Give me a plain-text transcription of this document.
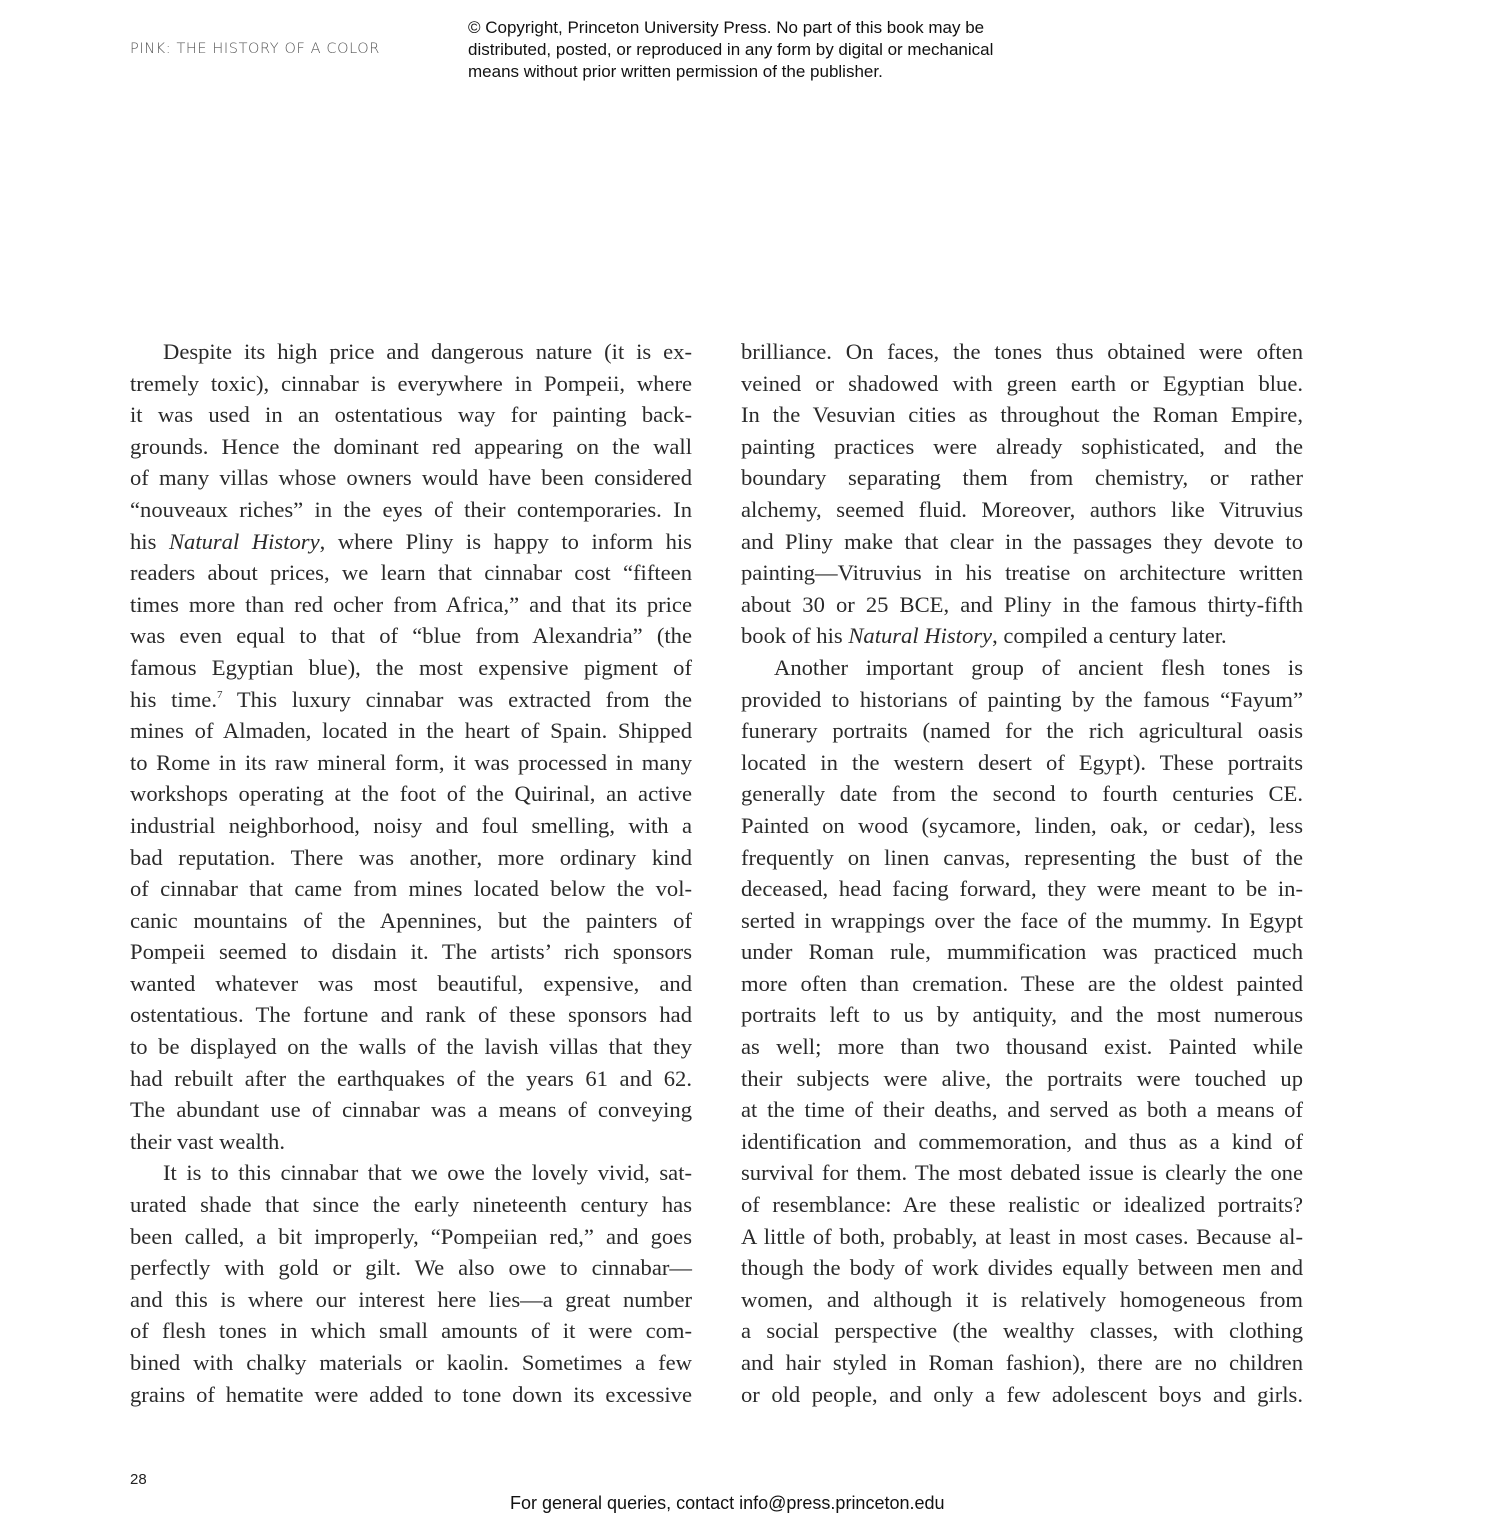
PINK: THE HISTORY OF A COLOR
© Copyright, Princeton University Press. No part of this book may be
distributed, posted, or reproduced in any form by digital or mechanical
means without prior written permission of the publisher.
Despite its high price and dangerous nature (it is ex-
tremely toxic), cinnabar is everywhere in Pompeii, where
it was used in an ostentatious way for painting back-
grounds. Hence the dominant red appearing on the wall
of many villas whose owners would have been considered
“nouveaux riches” in the eyes of their contemporaries. In
his Natural History, where Pliny is happy to inform his
readers about prices, we learn that cinnabar cost “fifteen
times more than red ocher from Africa,” and that its price
was even equal to that of “blue from Alexandria” (the
famous Egyptian blue), the most expensive pigment of
his time.$^7$ This luxury cinnabar was extracted from the
mines of Almaden, located in the heart of Spain. Shipped
to Rome in its raw mineral form, it was processed in many
workshops operating at the foot of the Quirinal, an active
industrial neighborhood, noisy and foul smelling, with a
bad reputation. There was another, more ordinary kind
of cinnabar that came from mines located below the vol-
canic mountains of the Apennines, but the painters of
Pompeii seemed to disdain it. The artists’ rich sponsors
wanted whatever was most beautiful, expensive, and
ostentatious. The fortune and rank of these sponsors had
to be displayed on the walls of the lavish villas that they
had rebuilt after the earthquakes of the years 61 and 62.
The abundant use of cinnabar was a means of conveying
their vast wealth.
It is to this cinnabar that we owe the lovely vivid, sat-
urated shade that since the early nineteenth century has
been called, a bit improperly, “Pompeiian red,” and goes
perfectly with gold or gilt. We also owe to cinnabar—
and this is where our interest here lies—a great number
of flesh tones in which small amounts of it were com-
bined with chalky materials or kaolin. Sometimes a few
grains of hematite were added to tone down its excessive
brilliance. On faces, the tones thus obtained were often
veined or shadowed with green earth or Egyptian blue.
In the Vesuvian cities as throughout the Roman Empire,
painting practices were already sophisticated, and the
boundary separating them from chemistry, or rather
alchemy, seemed fluid. Moreover, authors like Vitruvius
and Pliny make that clear in the passages they devote to
painting—Vitruvius in his treatise on architecture written
about 30 or 25 BCE, and Pliny in the famous thirty-fifth
book of his Natural History, compiled a century later.
Another important group of ancient flesh tones is
provided to historians of painting by the famous “Fayum”
funerary portraits (named for the rich agricultural oasis
located in the western desert of Egypt). These portraits
generally date from the second to fourth centuries CE.
Painted on wood (sycamore, linden, oak, or cedar), less
frequently on linen canvas, representing the bust of the
deceased, head facing forward, they were meant to be in-
serted in wrappings over the face of the mummy. In Egypt
under Roman rule, mummification was practiced much
more often than cremation. These are the oldest painted
portraits left to us by antiquity, and the most numerous
as well; more than two thousand exist. Painted while
their subjects were alive, the portraits were touched up
at the time of their deaths, and served as both a means of
identification and commemoration, and thus as a kind of
survival for them. The most debated issue is clearly the one
of resemblance: Are these realistic or idealized portraits?
A little of both, probably, at least in most cases. Because al-
though the body of work divides equally between men and
women, and although it is relatively homogeneous from
a social perspective (the wealthy classes, with clothing
and hair styled in Roman fashion), there are no children
or old people, and only a few adolescent boys and girls.
28
For general queries, contact info@press.princeton.edu
